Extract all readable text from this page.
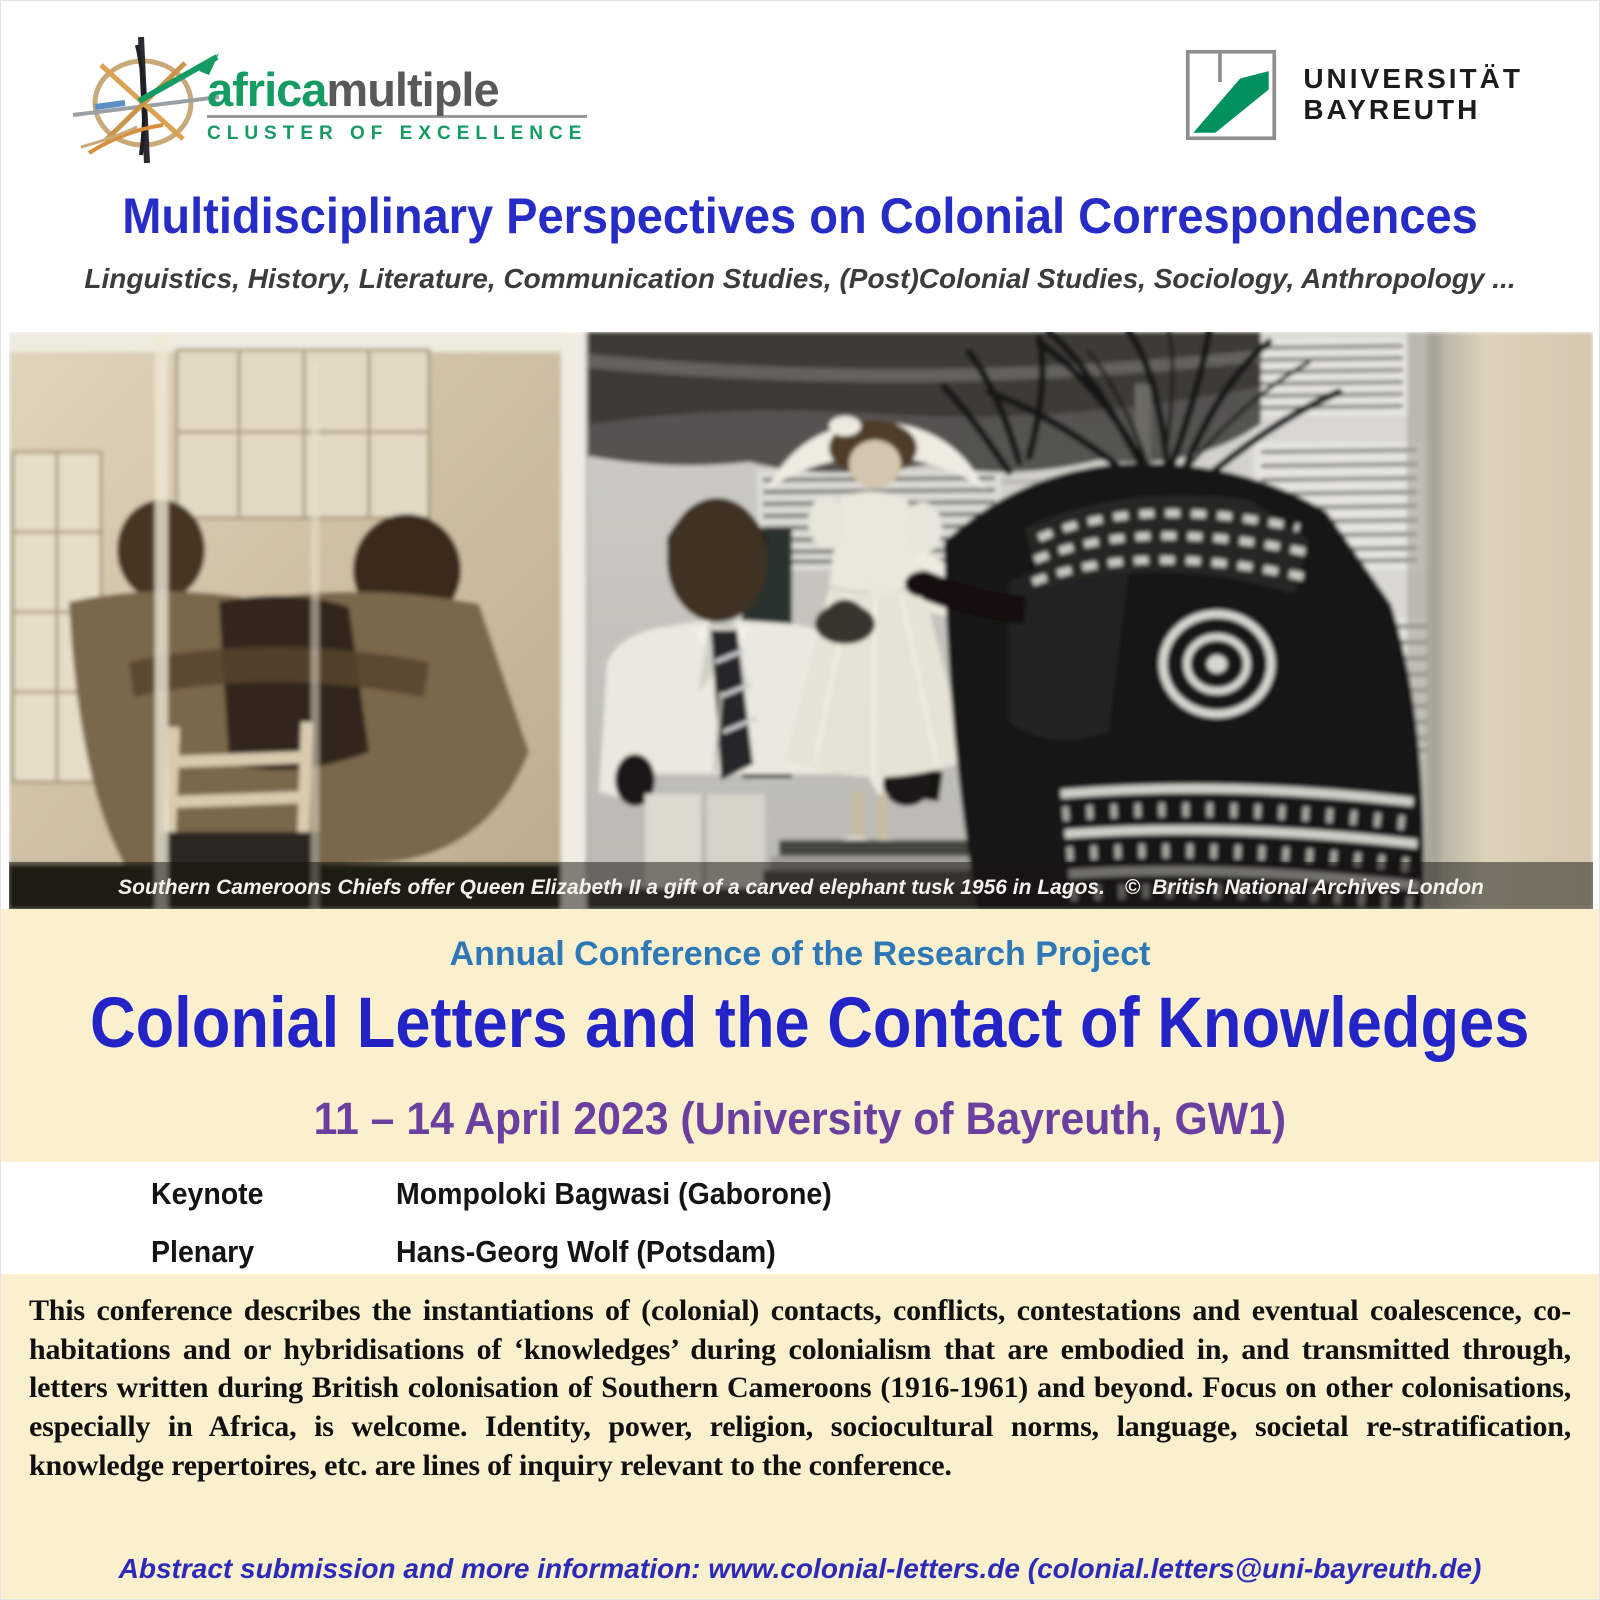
africamultiple
CLUSTER OF EXCELLENCE
UNIVERSITÄT
BAYREUTH
Multidisciplinary Perspectives on Colonial Correspondences
Linguistics, History, Literature, Communication Studies, (Post)Colonial Studies, Sociology, Anthropology ...
Southern Cameroons Chiefs offer Queen Elizabeth II a gift of a carved elephant tusk 1956 in Lagos. © British National Archives London
Annual Conference of the Research Project
Colonial Letters and the Contact of Knowledges
11 – 14 April 2023 (University of Bayreuth, GW1)
Keynote	Mompoloki Bagwasi (Gaborone)
Plenary	Hans-Georg Wolf (Potsdam)
This conference describes the instantiations of (colonial) contacts, conflicts, contestations and eventual coalescence, co-habitations and or hybridisations of ‘knowledges’ during colonialism that are embodied in, and transmitted through, letters written during British colonisation of Southern Cameroons (1916-1961) and beyond. Focus on other colonisations, especially in Africa, is welcome. Identity, power, religion, sociocultural norms, language, societal re-stratification, knowledge repertoires, etc. are lines of inquiry relevant to the conference.
Abstract submission and more information: www.colonial-letters.de (colonial.letters@uni-bayreuth.de)
